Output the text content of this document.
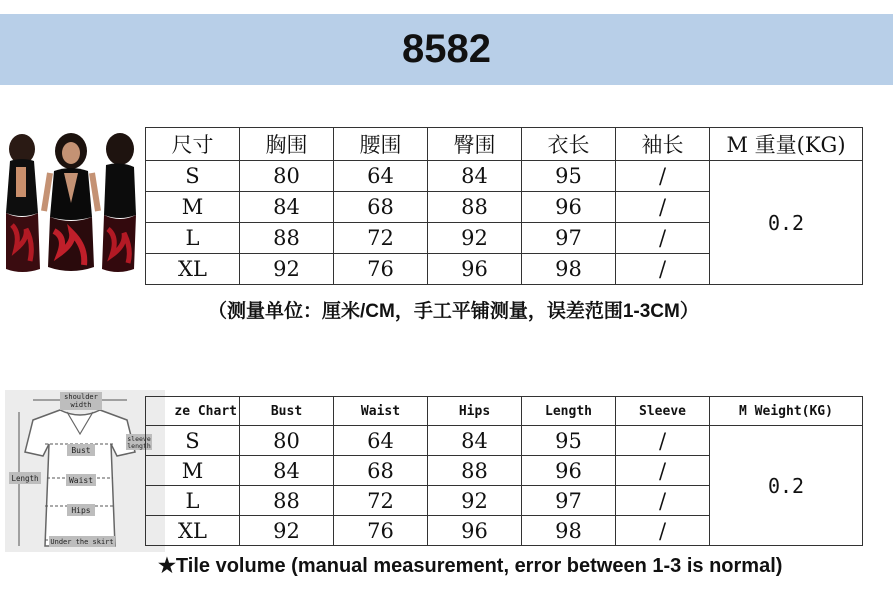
8582
尺寸	胸围	腰围	臀围	衣长	袖长	M 重量(KG)
S	80	64	84	95	/	0.2
M	84	68	88	96	/	
L	88	72	92	97	/	
XL	92	76	96	98	/	
（测量单位：厘米/CM，手工平铺测量，误差范围1-3CM）
shoulder
width
sleeve
length
Bust
Length	Waist
Hips
Under the skirt
ze Chart	Bust	Waist	Hips	Length	Sleeve	M Weight(KG)
S	80	64	84	95	/	0.2
M	84	68	88	96	/	
L	88	72	92	97	/	
XL	92	76	96	98	/	
★Tile volume (manual measurement, error between 1-3 is normal)
